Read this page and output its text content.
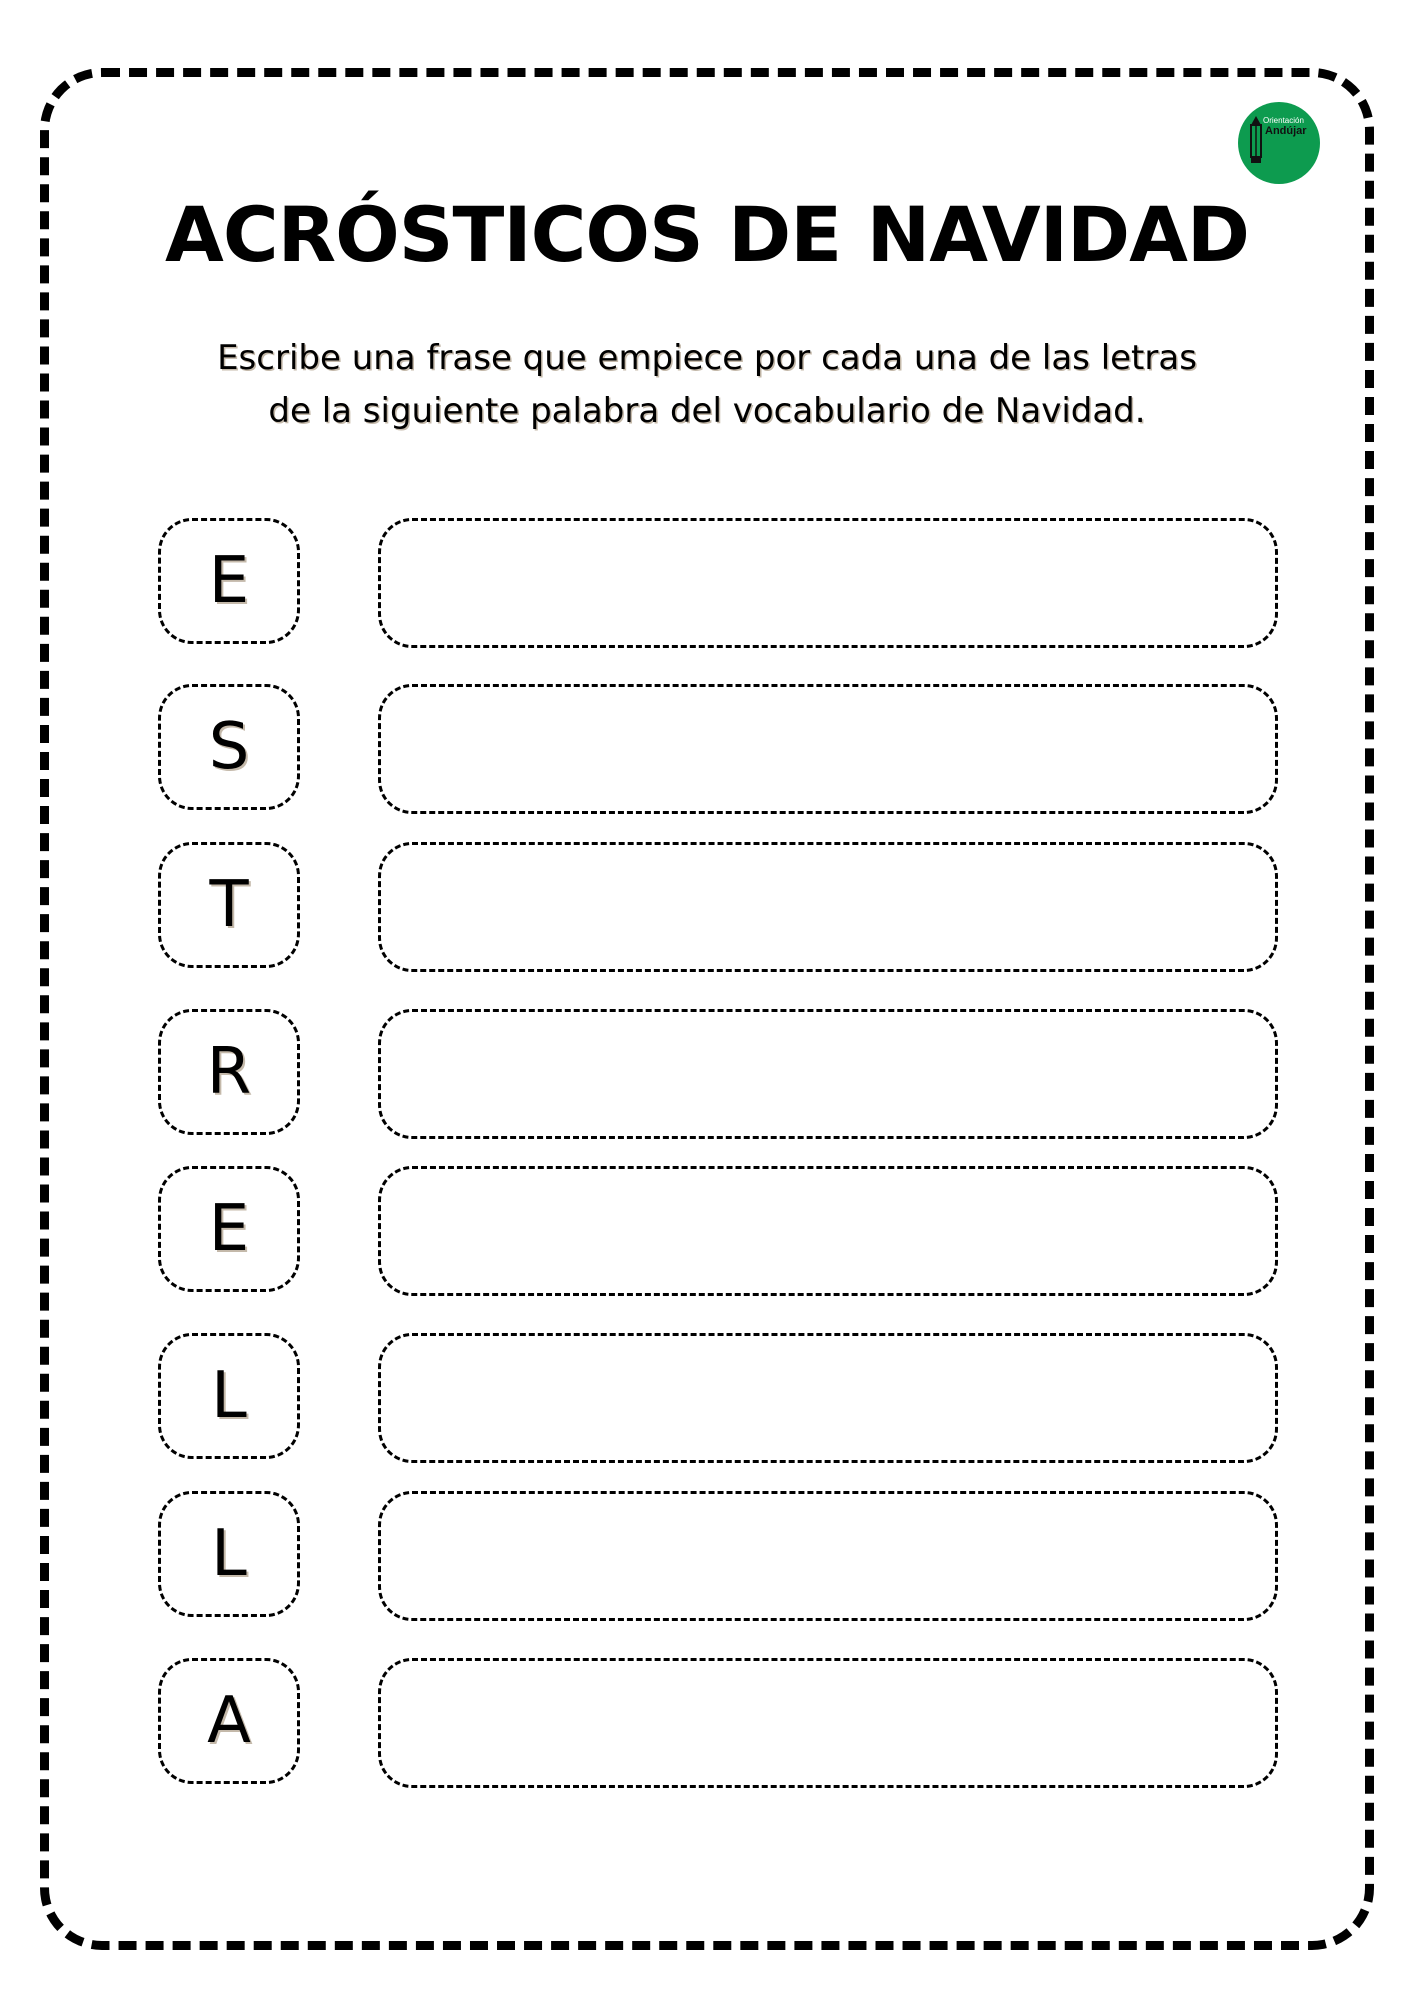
Orientación
Andújar
ACRÓSTICOS DE NAVIDAD
Escribe una frase que empiece por cada una de las letras
de la siguiente palabra del vocabulario de Navidad.
E
S
T
R
E
L
L
A
